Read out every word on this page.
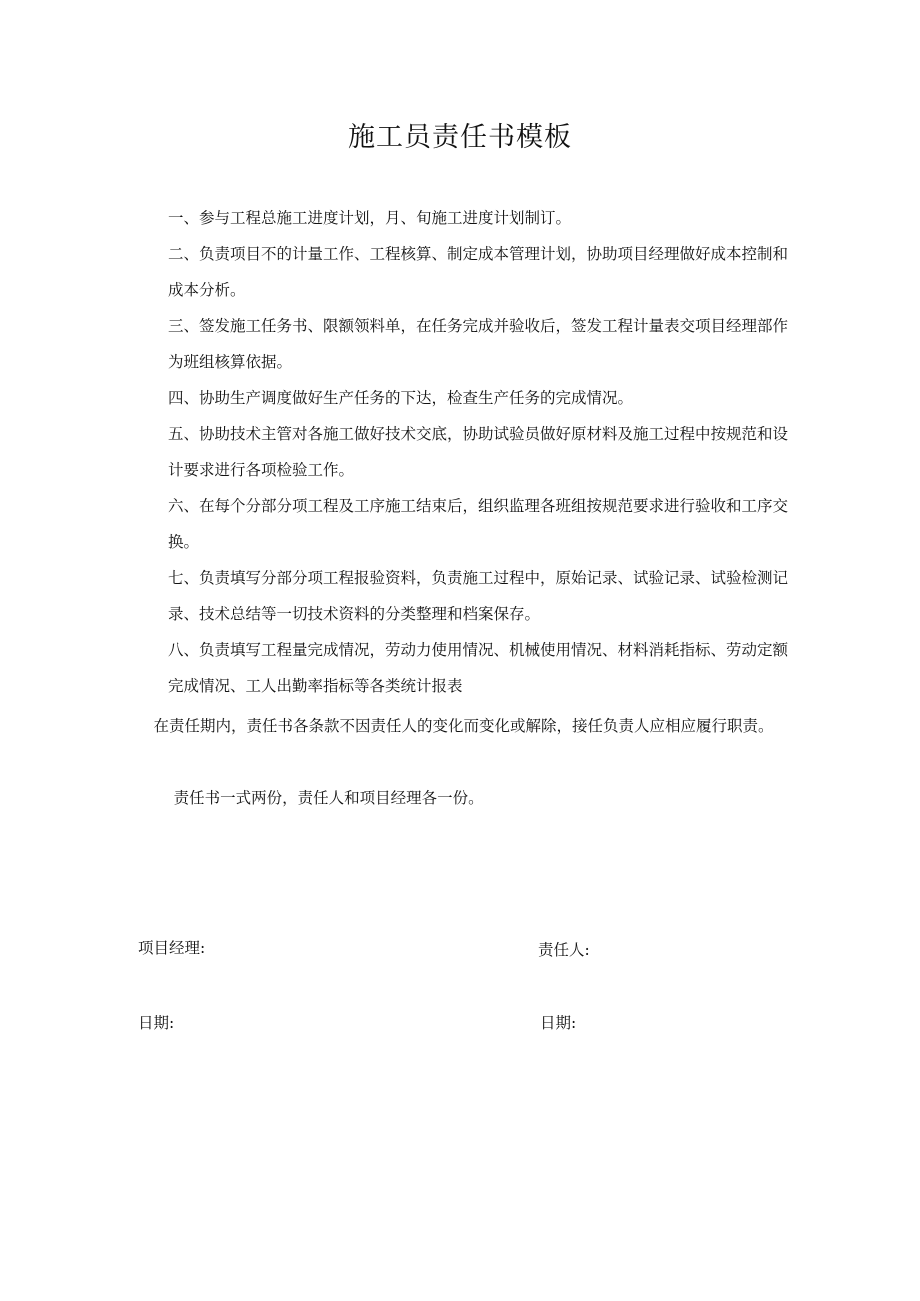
施工员责任书模板

一、参与工程总施工进度计划，月、旬施工进度计划制订。

二、负责项目不的计量工作、工程核算、制定成本管理计划，协助项目经理做好成本控制和成本分析。

三、签发施工任务书、限额领料单，在任务完成并验收后，签发工程计量表交项目经理部作为班组核算依据。

四、协助生产调度做好生产任务的下达，检查生产任务的完成情况。

五、协助技术主管对各施工做好技术交底，协助试验员做好原材料及施工过程中按规范和设计要求进行各项检验工作。

六、在每个分部分项工程及工序施工结束后，组织监理各班组按规范要求进行验收和工序交换。

七、负责填写分部分项工程报验资料，负责施工过程中，原始记录、试验记录、试验检测记录、技术总结等一切技术资料的分类整理和档案保存。

八、负责填写工程量完成情况，劳动力使用情况、机械使用情况、材料消耗指标、劳动定额完成情况、工人出勤率指标等各类统计报表

在责任期内，责任书各条款不因责任人的变化而变化或解除，接任负责人应相应履行职责。

责任书一式两份，责任人和项目经理各一份。

项目经理:	责任人:
日期:	日期:
